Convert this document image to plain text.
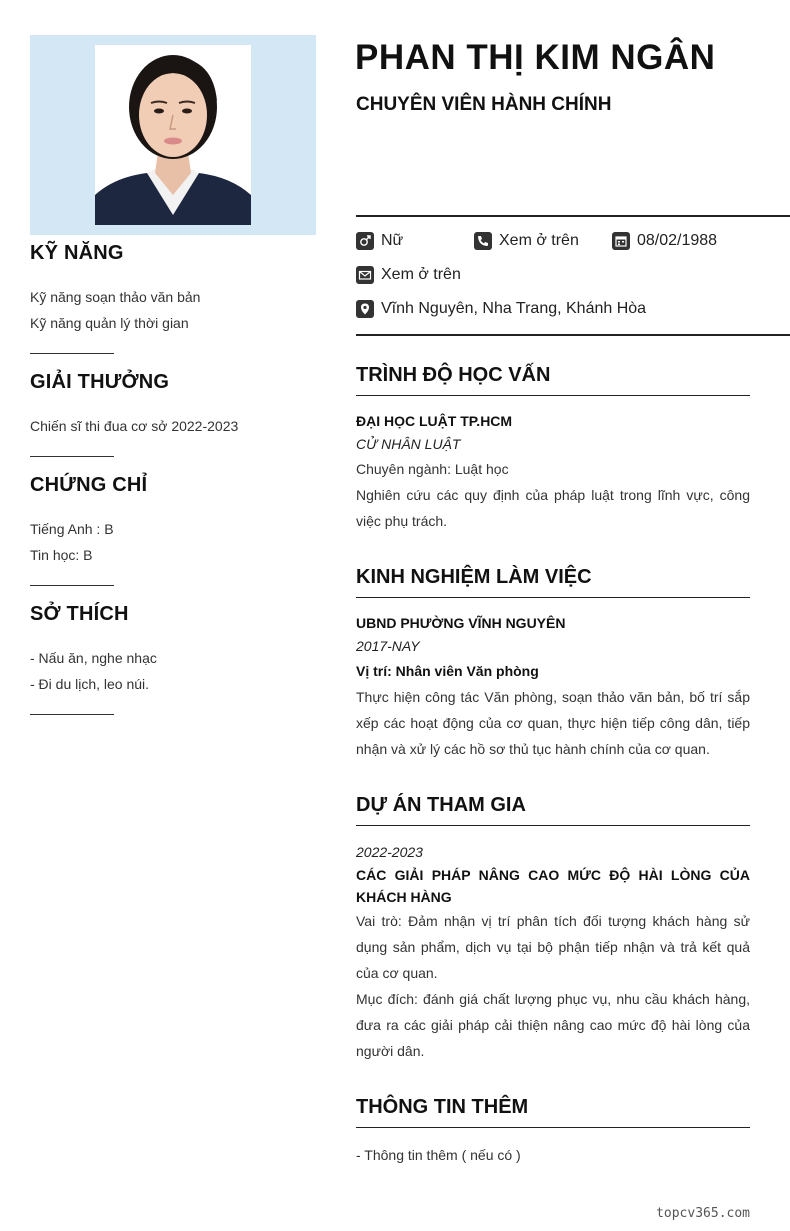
KỸ NĂNG
Kỹ năng soạn thảo văn bản
Kỹ năng quản lý thời gian
GIẢI THƯỞNG
Chiến sĩ thi đua cơ sở 2022-2023
CHỨNG CHỈ
Tiếng Anh : B
Tin học: B
SỞ THÍCH
- Nấu ăn, nghe nhạc
- Đi du lịch, leo núi.
PHAN THỊ KIM NGÂN
CHUYÊN VIÊN HÀNH CHÍNH
Nữ	Xem ở trên	08/02/1988
Xem ở trên
Vĩnh Nguyên, Nha Trang, Khánh Hòa
TRÌNH ĐỘ HỌC VẤN
ĐẠI HỌC LUẬT TP.HCM
CỬ NHÂN LUẬT
Chuyên ngành: Luật học
Nghiên cứu các quy định của pháp luật trong lĩnh vực, công việc phụ trách.
KINH NGHIỆM LÀM VIỆC
UBND PHƯỜNG VĨNH NGUYÊN
2017-NAY
Vị trí: Nhân viên Văn phòng
Thực hiện công tác Văn phòng, soạn thảo văn bản, bố trí sắp xếp các hoạt động của cơ quan, thực hiện tiếp công dân, tiếp nhận và xử lý các hồ sơ thủ tục hành chính của cơ quan.
DỰ ÁN THAM GIA
2022-2023
CÁC GIẢI PHÁP NÂNG CAO MỨC ĐỘ HÀI LÒNG CỦA KHÁCH HÀNG
Vai trò: Đảm nhận vị trí phân tích đối tượng khách hàng sử dụng sản phẩm, dịch vụ tại bộ phận tiếp nhận và trả kết quả của cơ quan.
Mục đích: đánh giá chất lượng phục vụ, nhu cầu khách hàng, đưa ra các giải pháp cải thiện nâng cao mức độ hài lòng của người dân.
THÔNG TIN THÊM
- Thông tin thêm ( nếu có )
topcv365.com
